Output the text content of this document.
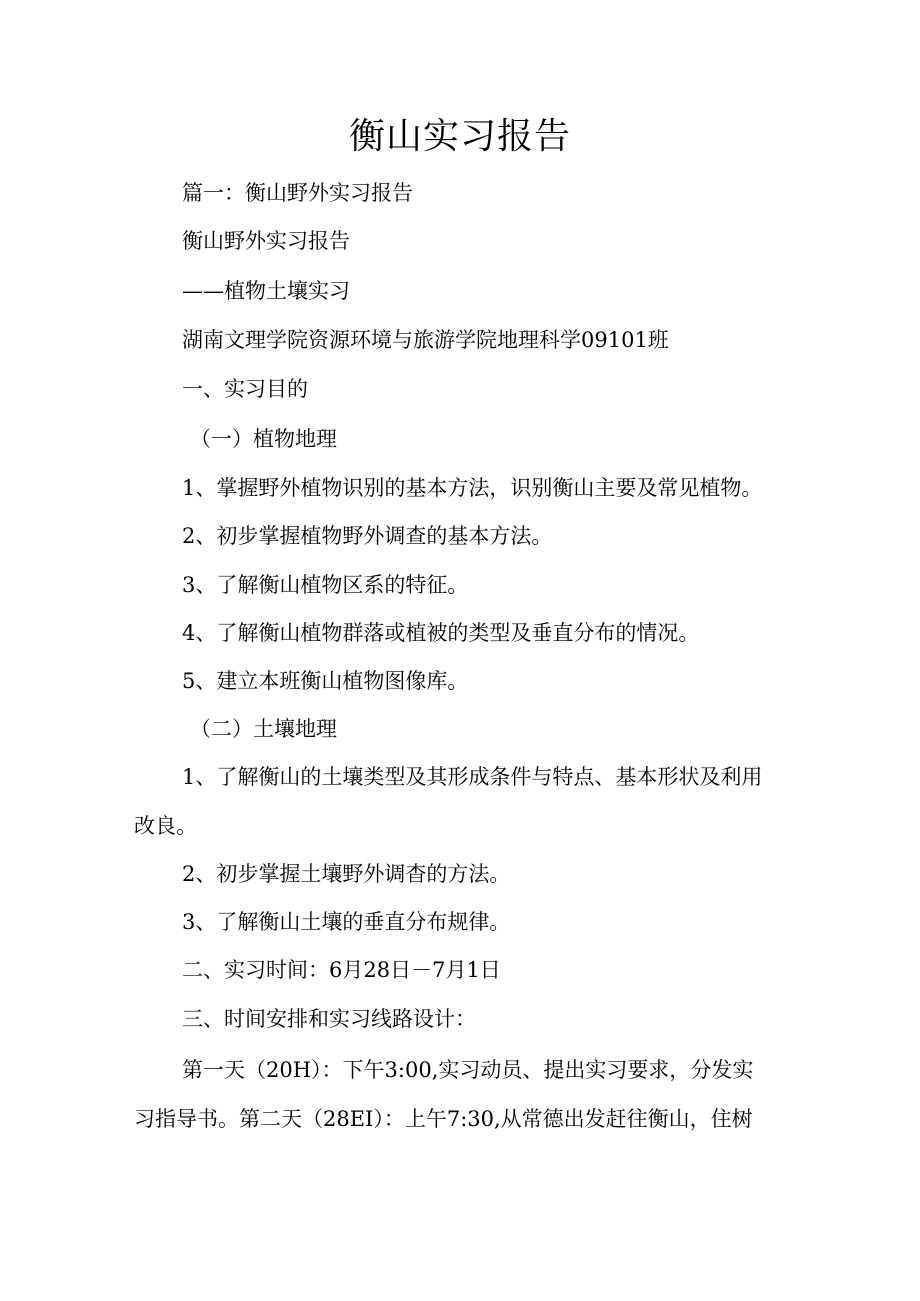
衡山实习报告
篇一：衡山野外实习报告
衡山野外实习报告
——植物土壤实习
湖南文理学院资源环境与旅游学院地理科学09101班
一、实习目的
（一）植物地理
1、掌握野外植物识别的基本方法，识别衡山主要及常见植物。
2、初步掌握植物野外调查的基本方法。
3、了解衡山植物区系的特征。
4、了解衡山植物群落或植被的类型及垂直分布的情况。
5、建立本班衡山植物图像库。
（二）土壤地理
1、了解衡山的土壤类型及其形成条件与特点、基本形状及利用
改良。
2、初步掌握土壤野外调杳的方法。
3、了解衡山土壤的垂直分布规律。
二、实习时间：6月28日－7月1日
三、时间安排和实习线路设计：
第一天（20H）：下午3:00,实习动员、提出实习要求，分发实
习指导书。第二天（28EI）：上午7:30,从常德出发赶往衡山，住树
